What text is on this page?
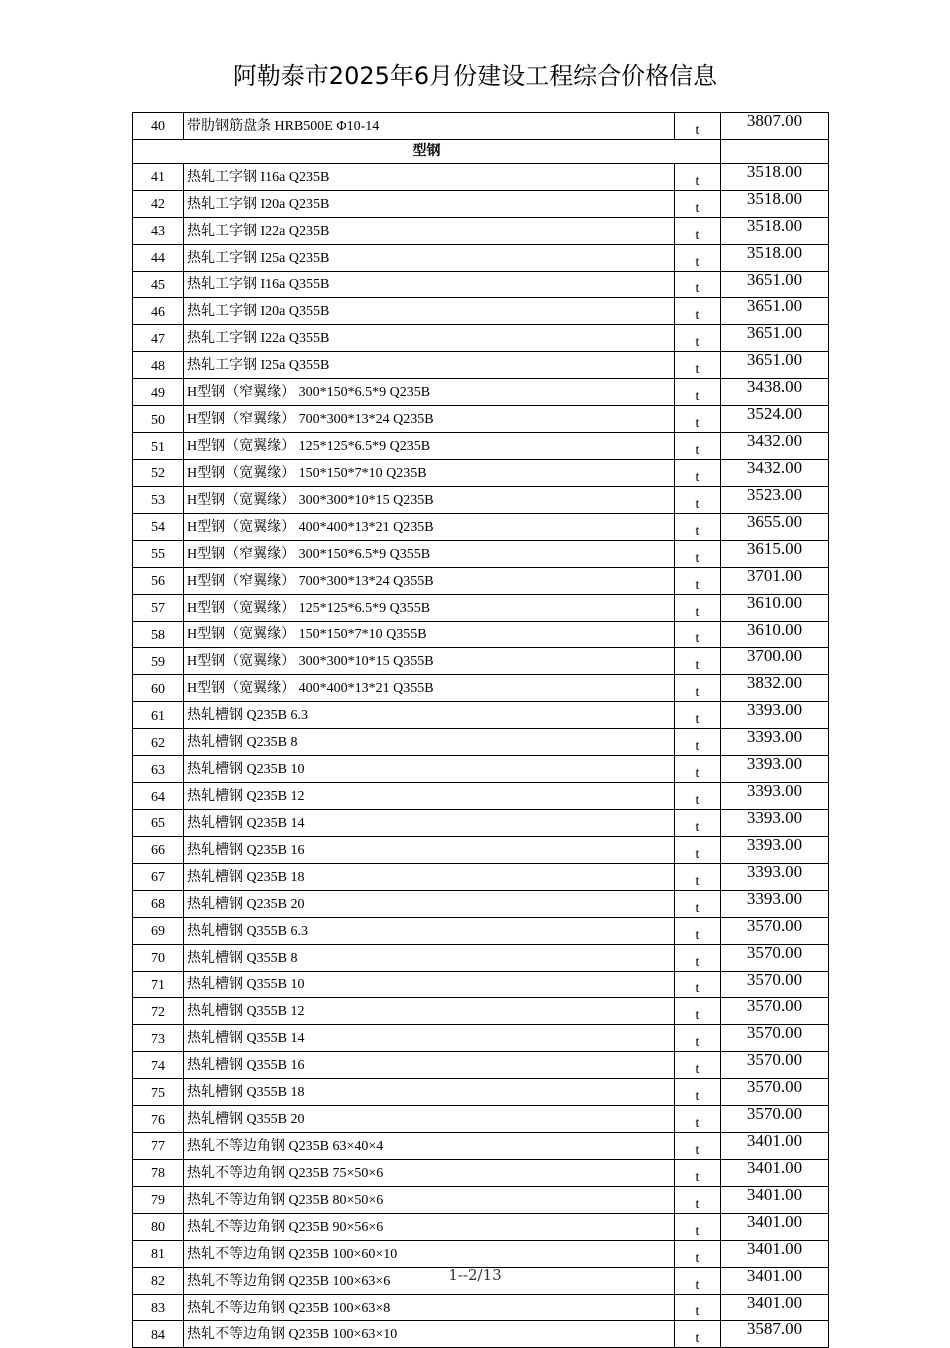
阿勒泰市2025年6月份建设工程综合价格信息
40	带肋钢筋盘条 HRB500E Φ10-14	t	3807.00
型钢			
41	热轧工字钢 I16a Q235B	t	3518.00
42	热轧工字钢 I20a Q235B	t	3518.00
43	热轧工字钢 I22a Q235B	t	3518.00
44	热轧工字钢 I25a Q235B	t	3518.00
45	热轧工字钢 I16a Q355B	t	3651.00
46	热轧工字钢 I20a Q355B	t	3651.00
47	热轧工字钢 I22a Q355B	t	3651.00
48	热轧工字钢 I25a Q355B	t	3651.00
49	H型钢（窄翼缘） 300*150*6.5*9 Q235B	t	3438.00
50	H型钢（窄翼缘） 700*300*13*24 Q235B	t	3524.00
51	H型钢（宽翼缘） 125*125*6.5*9 Q235B	t	3432.00
52	H型钢（宽翼缘） 150*150*7*10 Q235B	t	3432.00
53	H型钢（宽翼缘） 300*300*10*15 Q235B	t	3523.00
54	H型钢（宽翼缘） 400*400*13*21 Q235B	t	3655.00
55	H型钢（窄翼缘） 300*150*6.5*9 Q355B	t	3615.00
56	H型钢（窄翼缘） 700*300*13*24 Q355B	t	3701.00
57	H型钢（宽翼缘） 125*125*6.5*9 Q355B	t	3610.00
58	H型钢（宽翼缘） 150*150*7*10 Q355B	t	3610.00
59	H型钢（宽翼缘） 300*300*10*15 Q355B	t	3700.00
60	H型钢（宽翼缘） 400*400*13*21 Q355B	t	3832.00
61	热轧槽钢 Q235B 6.3	t	3393.00
62	热轧槽钢 Q235B 8	t	3393.00
63	热轧槽钢 Q235B 10	t	3393.00
64	热轧槽钢 Q235B 12	t	3393.00
65	热轧槽钢 Q235B 14	t	3393.00
66	热轧槽钢 Q235B 16	t	3393.00
67	热轧槽钢 Q235B 18	t	3393.00
68	热轧槽钢 Q235B 20	t	3393.00
69	热轧槽钢 Q355B 6.3	t	3570.00
70	热轧槽钢 Q355B 8	t	3570.00
71	热轧槽钢 Q355B 10	t	3570.00
72	热轧槽钢 Q355B 12	t	3570.00
73	热轧槽钢 Q355B 14	t	3570.00
74	热轧槽钢 Q355B 16	t	3570.00
75	热轧槽钢 Q355B 18	t	3570.00
76	热轧槽钢 Q355B 20	t	3570.00
77	热轧不等边角钢 Q235B 63×40×4	t	3401.00
78	热轧不等边角钢 Q235B 75×50×6	t	3401.00
79	热轧不等边角钢 Q235B 80×50×6	t	3401.00
80	热轧不等边角钢 Q235B 90×56×6	t	3401.00
81	热轧不等边角钢 Q235B 100×60×10	t	3401.00
82	热轧不等边角钢 Q235B 100×63×6	t	3401.00
83	热轧不等边角钢 Q235B 100×63×8	t	3401.00
84	热轧不等边角钢 Q235B 100×63×10	t	3587.00
1--2/13
